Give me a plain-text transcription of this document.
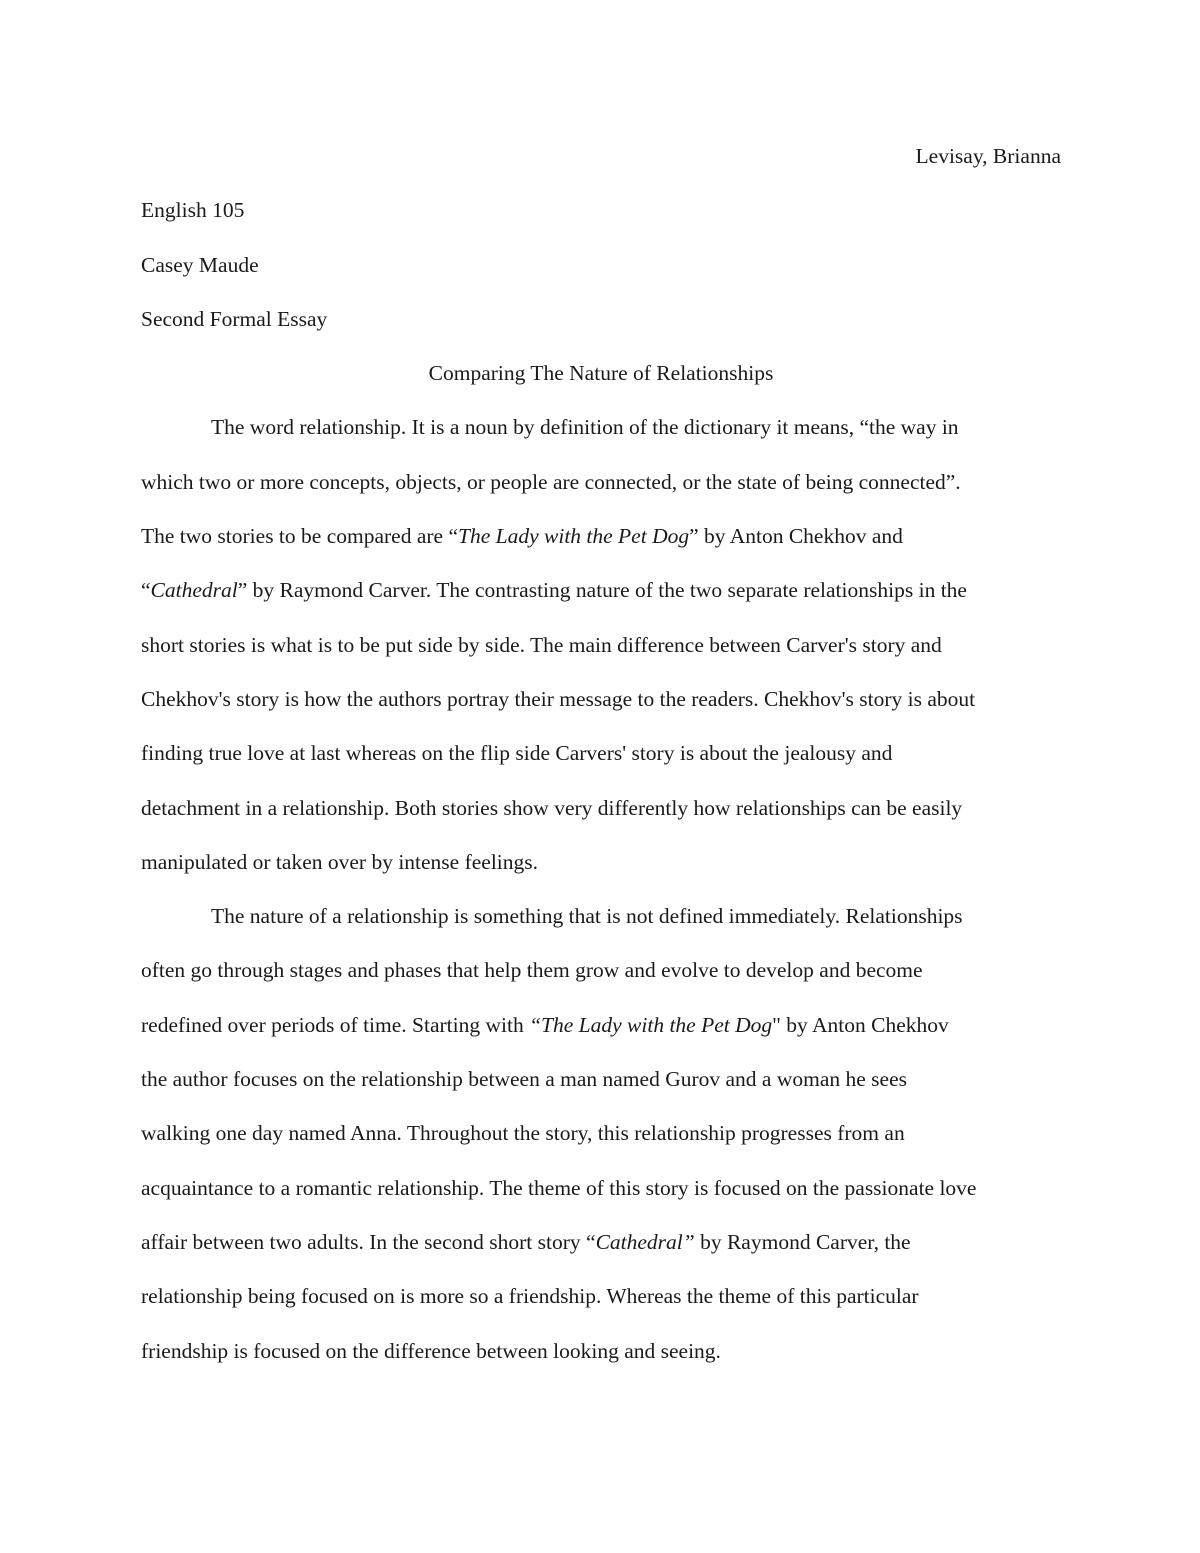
Levisay, Brianna
English 105
Casey Maude
Second Formal Essay
Comparing The Nature of Relationships
The word relationship. It is a noun by definition of the dictionary it means, “the way in
which two or more concepts, objects, or people are connected, or the state of being connected”.
The two stories to be compared are “The Lady with the Pet Dog” by Anton Chekhov and
“Cathedral” by Raymond Carver. The contrasting nature of the two separate relationships in the
short stories is what is to be put side by side. The main difference between Carver's story and
Chekhov's story is how the authors portray their message to the readers. Chekhov's story is about
finding true love at last whereas on the flip side Carvers' story is about the jealousy and
detachment in a relationship. Both stories show very differently how relationships can be easily
manipulated or taken over by intense feelings.
The nature of a relationship is something that is not defined immediately. Relationships
often go through stages and phases that help them grow and evolve to develop and become
redefined over periods of time. Starting with “The Lady with the Pet Dog" by Anton Chekhov
the author focuses on the relationship between a man named Gurov and a woman he sees
walking one day named Anna. Throughout the story, this relationship progresses from an
acquaintance to a romantic relationship. The theme of this story is focused on the passionate love
affair between two adults. In the second short story “Cathedral” by Raymond Carver, the
relationship being focused on is more so a friendship. Whereas the theme of this particular
friendship is focused on the difference between looking and seeing.
